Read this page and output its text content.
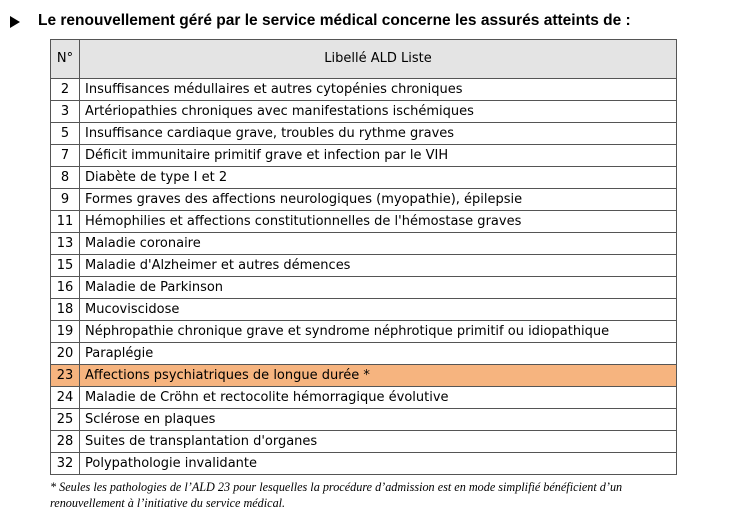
Le renouvellement géré par le service médical concerne les assurés atteints de :
N°	Libellé ALD Liste
2	Insuffisances médullaires et autres cytopénies chroniques
3	Artériopathies chroniques avec manifestations ischémiques
5	Insuffisance cardiaque grave, troubles du rythme graves
7	Déficit immunitaire primitif grave et infection par le VIH
8	Diabète de type I et 2
9	Formes graves des affections neurologiques (myopathie), épilepsie
11	Hémophilies et affections constitutionnelles de l'hémostase graves
13	Maladie coronaire
15	Maladie d'Alzheimer et autres démences
16	Maladie de Parkinson
18	Mucoviscidose
19	Néphropathie chronique grave et syndrome néphrotique primitif ou idiopathique
20	Paraplégie
23	Affections psychiatriques de longue durée *
24	Maladie de Cröhn et rectocolite hémorragique évolutive
25	Sclérose en plaques
28	Suites de transplantation d'organes
32	Polypathologie invalidante
* Seules les pathologies de l’ALD 23 pour lesquelles la procédure d’admission est en mode simplifié bénéficient d’un
renouvellement à l’initiative du service médical.
